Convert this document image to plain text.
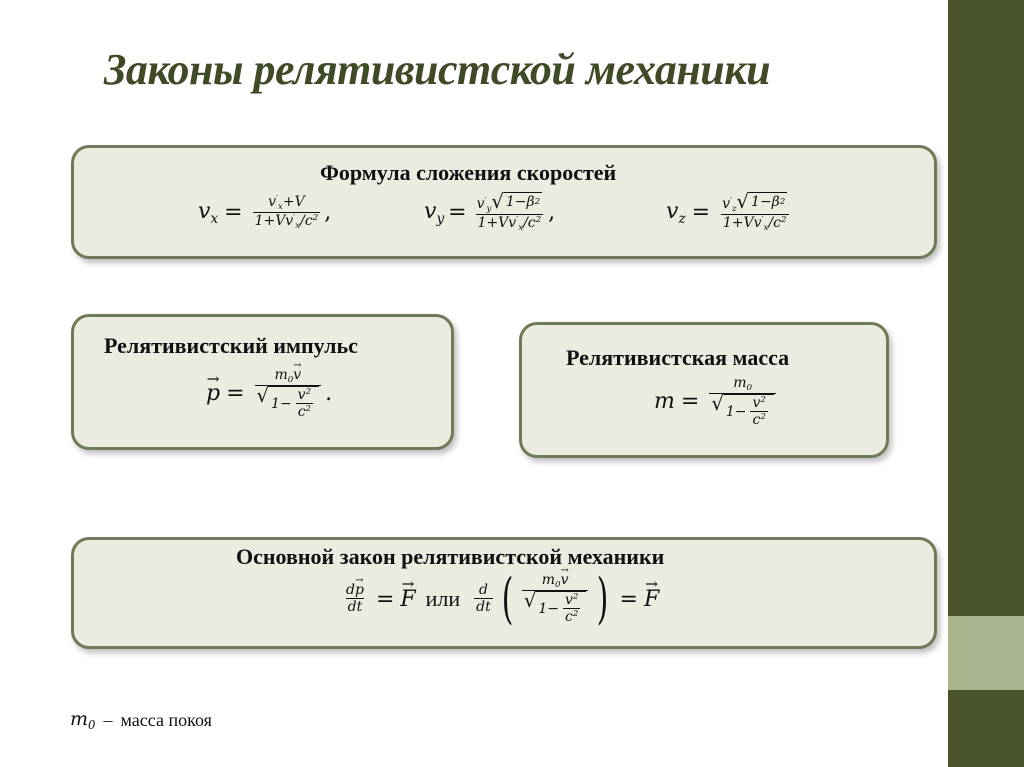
Законы релятивистской механики
Формула сложения скоростей
$v_x = \frac{v'_x+V}{1+Vv'_x/c^2}$ ,	$v_y = \frac{v'_y √ 1-\beta 2}{1+Vv'_x/c^2}$ ,	$v_z = \frac{v'_z √ 1-\beta 2}{1+Vv'_x/c^2}$
Релятивистский импульс
p → = $\frac{m_0v \to}{√ 1- \frac{v^2}{c^2}}$ .
Релятивистская масса
$m = \frac{m_0}{√ 1- \frac{v^2}{c^2}}$
Основной закон релятивистской механики
$\frac{dp \to}{dt} = F$ → или $\frac{d}{dt}$ ( $\frac{m_0v \to}{√ 1- \frac{v^2}{c^2}}$ ) = F →
$m_0$ – масса покоя
